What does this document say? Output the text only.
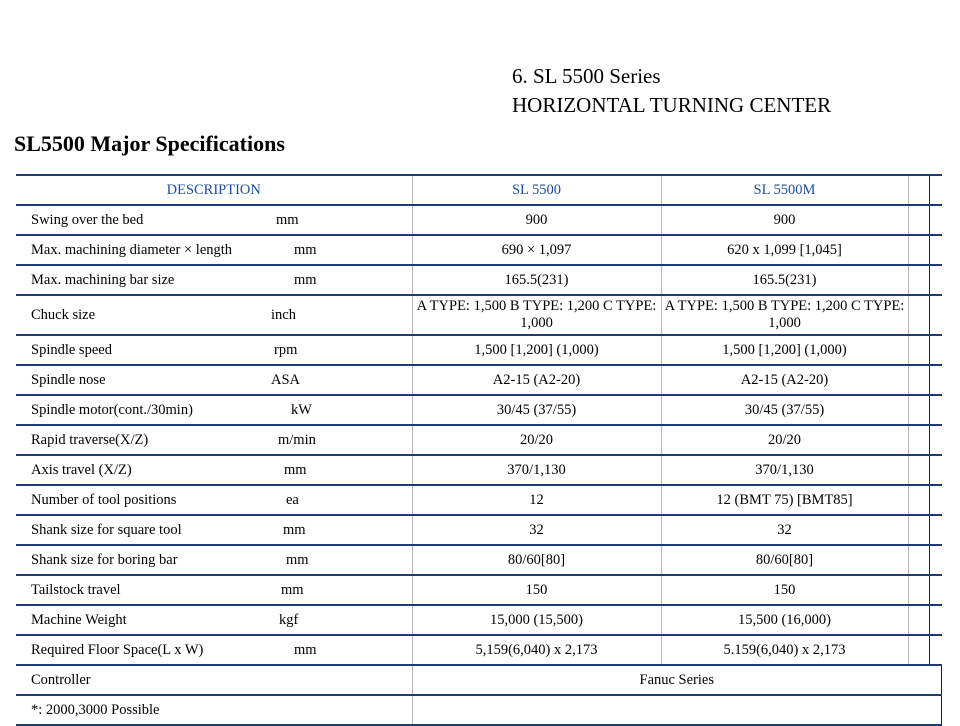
6. SL 5500 Series
HORIZONTAL TURNING CENTER
SL5500 Major Specifications
DESCRIPTION	SL 5500	SL 5500M		

Swing over the bed mm	900	900		

Max. machining diameter × length mm	690 × 1,097	620 x 1,099 [1,045]		

Max. machining bar size mm	165.5(231)	165.5(231)		

Chuck size inch	A TYPE: 1,500 B TYPE: 1,200 C TYPE: 1,000	A TYPE: 1,500 B TYPE: 1,200 C TYPE: 1,000		

Spindle speed rpm	1,500 [1,200] (1,000)	1,500 [1,200] (1,000)		

Spindle nose ASA	A2-15 (A2-20)	A2-15 (A2-20)		

Spindle motor(cont./30min) kW	30/45 (37/55)	30/45 (37/55)		

Rapid traverse(X/Z) m/min	20/20	20/20		

Axis travel (X/Z) mm	370/1,130	370/1,130		

Number of tool positions ea	12	12 (BMT 75) [BMT85]		

Shank size for square tool mm	32	32		

Shank size for boring bar mm	80/60[80]	80/60[80]		

Tailstock travel mm	150	150		

Machine Weight kgf	15,000 (15,500)	15,500 (16,000)		

Required Floor Space(L x W) mm	5,159(6,040) x 2,173	5.159(6,040) x 2,173		
Controller	Fanuc Series			
*: 2000,3000 Possible				
